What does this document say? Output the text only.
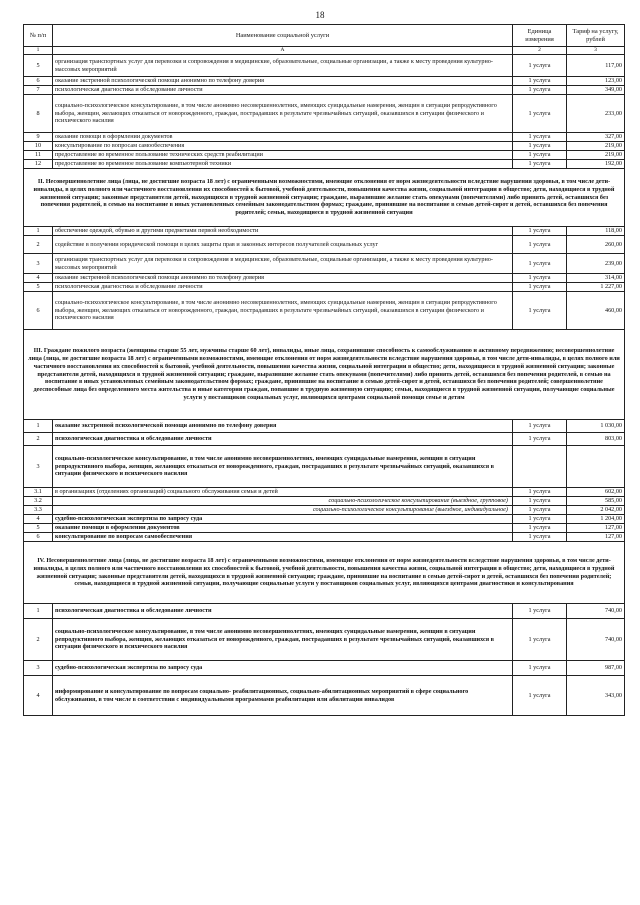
18
№ п/п	Наименование социальной услуги	Единица измерения	Тариф на услугу, рублей
1	А	2	3
5	организация транспортных услуг для перевозки и сопровождения в медицинские, образовательные, социальные организации, а также к месту проведения культурно-массовых мероприятий	1 услуга	117,00
6	оказание экстренной психологической помощи анонимно по телефону доверия	1 услуга	123,00
7	психологическая диагностика и обследование личности	1 услуга	349,00
8	социально-психологическое консультирование, в том числе анонимно несовершеннолетних, имеющих суицидальные намерения, женщин в ситуации репродуктивного выбора, женщин, желающих отказаться от новорожденного, граждан, пострадавших в результате чрезвычайных ситуаций, оказавшихся в ситуации физического и психического насилия	1 услуга	233,00
9	оказание помощи в оформлении документов	1 услуга	327,00
10	консультирование по вопросам самообеспечения	1 услуга	219,00
11	предоставление во временное пользование технических средств реабилитации	1 услуга	219,00
12	предоставление во временное пользование компьютерной техники	1 услуга	192,00
II. Несовершеннолетние лица (лица, не достигшие возраста 18 лет) с ограниченными возможностями, имеющие отклонения от норм жизнедеятельности вследствие нарушения здоровья, в том числе дети-инвалиды, в целях полного или частичного восстановления их способностей к бытовой, учебной деятельности, повышения качества жизни, социальной интеграции в общество; дети, находящиеся в трудной жизненной ситуации; законные представители детей, находящихся в трудной жизненной ситуации; граждане, выразившие желание стать опекунами (попечителями) либо принять детей, оставшихся без попечения родителей, в семью на воспитание в иных установленных семейным законодательством формах; граждане, принявшие на воспитание в семью детей-сирот и детей, оставшихся без попечения родителей; семьи, находящиеся в трудной жизненной ситуации			
1	обеспечение одеждой, обувью и другими предметами первой необходимости	1 услуга	118,00
2	содействие в получении юридической помощи в целях защиты прав и законных интересов получателей социальных услуг	1 услуга	260,00
3	организация транспортных услуг для перевозки и сопровождения в медицинские, образовательные, социальные организации, а также к месту проведения культурно-массовых мероприятий	1 услуга	239,00
4	оказание экстренной психологической помощи анонимно по телефону доверия	1 услуга	314,00
5	психологическая диагностика и обследование личности	1 услуга	1 227,00
6	социально-психологическое консультирование, в том числе анонимно несовершеннолетних, имеющих суицидальные намерения, женщин в ситуации репродуктивного выбора, женщин, желающих отказаться от новорожденного, граждан, пострадавших в результате чрезвычайных ситуаций, оказавшихся в ситуации физического и психического насилия	1 услуга	460,00
III. Граждане пожилого возраста (женщины старше 55 лет, мужчины старше 60 лет), инвалиды, иные лица, сохранившие способность к самообслуживанию и активному передвижению; несовершеннолетние лица (лица, не достигшие возраста 18 лет) с ограниченными возможностями, имеющие отклонения от норм жизнедеятельности вследствие нарушения здоровья, в том числе дети-инвалиды, в целях полного или частичного восстановления их способностей к бытовой, учебной деятельности, повышения качества жизни, социальной интеграции в общество; дети, находящиеся в трудной жизненной ситуации; законные представители детей, находящихся в трудной жизненной ситуации; граждане, выразившие желание стать опекунами (попечителями) либо принять детей, оставшихся без попечения родителей, в семью на воспитание в иных установленных семейным законодательством формах; граждане, принявшие на воспитание в семью детей-сирот и детей, оставшихся без попечения родителей; совершеннолетние дееспособные лица без определенного места жительства и иные категории граждан, попавшие в трудную жизненную ситуацию; семьи, находящиеся в трудной жизненной ситуации, получающие социальные услуги у поставщиков социальных услуг, являющихся центрами социальной помощи семье и детям			
1	оказание экстренной психологической помощи анонимно по телефону доверия	1 услуга	1 030,00
2	психологическая диагностика и обследование личности	1 услуга	803,00
3	социально-психологическое консультирование, в том числе анонимно несовершеннолетних, имеющих суицидальные намерения, женщин в ситуации репродуктивного выбора, женщин, желающих отказаться от новорожденного, граждан, пострадавших в результате чрезвычайных ситуаций, оказавшихся в ситуации физического и психического насилия		
3.1	в организациях (отделениях организаций) социального обслуживания семьи и детей	1 услуга	602,00
3.2	социально-психологическое консультирование (выездное, групповое)	1 услуга	585,00
3.3	социально-психологическое консультирование (выездное, индивидуальное)	1 услуга	2 042,00
4	судебно-психологическая экспертиза по запросу суда	1 услуга	1 204,00
5	оказание помощи в оформлении документов	1 услуга	127,00
6	консультирование по вопросам самообеспечения	1 услуга	127,00
IV. Несовершеннолетние лица (лица, не достигшие возраста 18 лет) с ограниченными возможностями, имеющие отклонения от норм жизнедеятельности вследствие нарушения здоровья, в том числе дети-инвалиды, в целях полного или частичного восстановления их способностей к бытовой, учебной деятельности, повышения качества жизни, социальной интеграции в общество; дети, находящиеся в трудной жизненной ситуации; законные представители детей, находящихся в трудной жизненной ситуации; граждане, принявшие на воспитание в семью детей-сирот и детей, оставшихся без попечения родителей; семьи, находящиеся в трудной жизненной ситуации, получающие социальные услуги у поставщиков социальных услуг, являющихся центрами диагностики и консультирования			
1	психологическая диагностика и обследование личности	1 услуга	740,00
2	социально-психологическое консультирование, в том числе анонимно несовершеннолетних, имеющих суицидальные намерения, женщин в ситуации репродуктивного выбора, женщин, желающих отказаться от новорожденного, граждан, пострадавших в результате чрезвычайных ситуаций, оказавшихся в ситуации физического и психического насилия	1 услуга	740,00
3	судебно-психологическая экспертиза по запросу суда	1 услуга	987,00
4	информирование и консультирование по вопросам социально- реабилитационных, социально-абилитационных мероприятий в сфере социального обслуживания, в том числе в соответствии с индивидуальными программами реабилитации или абилитации инвалидов	1 услуга	343,00
